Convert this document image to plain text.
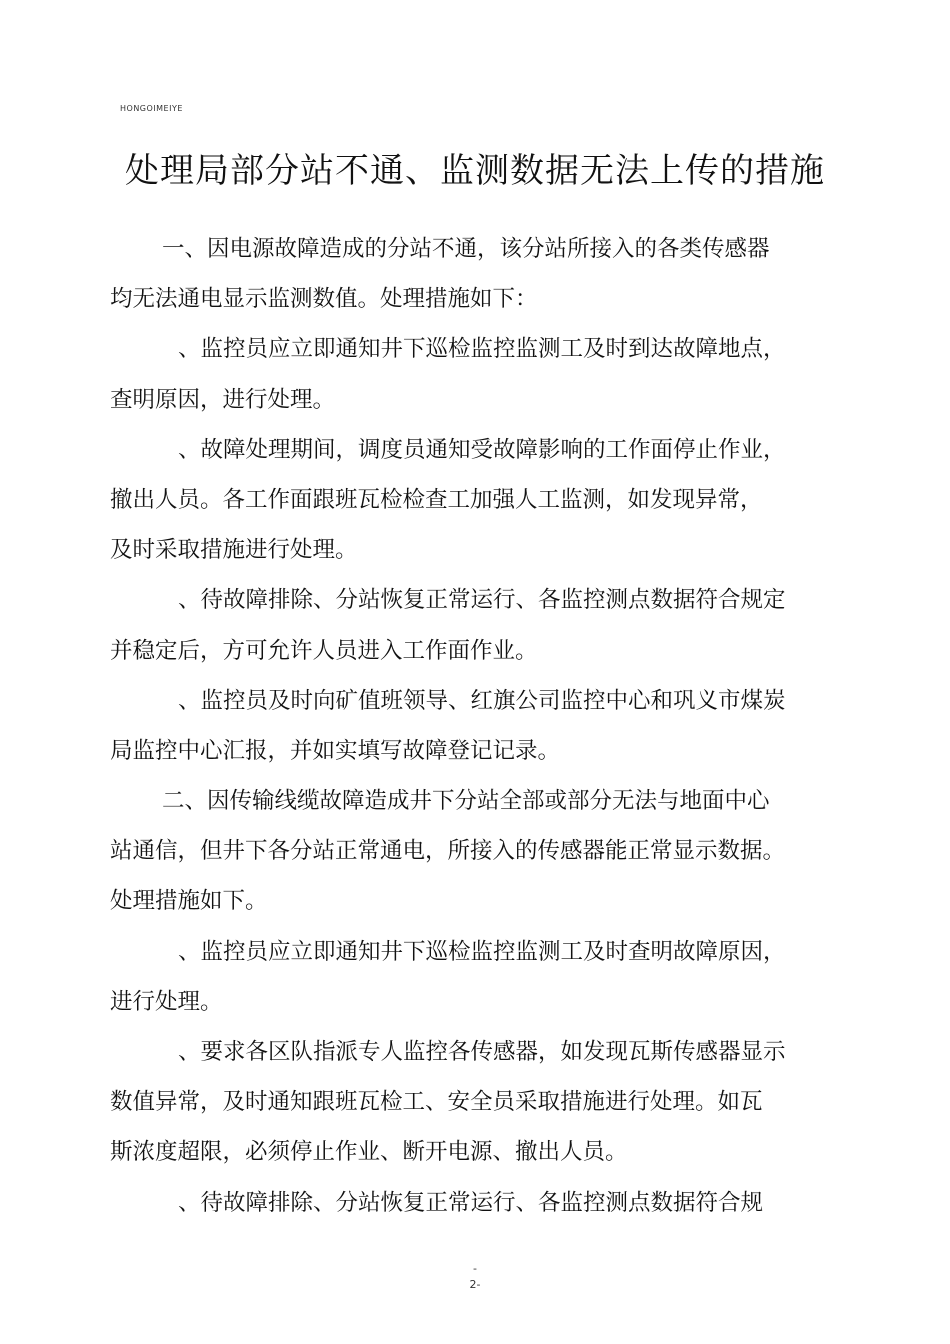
HONGOIMEIYE
处理局部分站不通、监测数据无法上传的措施
一、因电源故障造成的分站不通，该分站所接入的各类传感器
均无法通电显示监测数值。处理措施如下：
、监控员应立即通知井下巡检监控监测工及时到达故障地点，
查明原因，进行处理。
、故障处理期间，调度员通知受故障影响的工作面停止作业，
撤出人员。各工作面跟班瓦检检查工加强人工监测，如发现异常，
及时采取措施进行处理。
、待故障排除、分站恢复正常运行、各监控测点数据符合规定
并稳定后，方可允许人员进入工作面作业。
、监控员及时向矿值班领导、红旗公司监控中心和巩义市煤炭
局监控中心汇报，并如实填写故障登记记录。
二、因传输线缆故障造成井下分站全部或部分无法与地面中心
站通信，但井下各分站正常通电，所接入的传感器能正常显示数据。
处理措施如下。
、监控员应立即通知井下巡检监控监测工及时查明故障原因，
进行处理。
、要求各区队指派专人监控各传感器，如发现瓦斯传感器显示
数值异常，及时通知跟班瓦检工、安全员采取措施进行处理。如瓦
斯浓度超限，必须停止作业、断开电源、撤出人员。
、待故障排除、分站恢复正常运行、各监控测点数据符合规
-
2-
